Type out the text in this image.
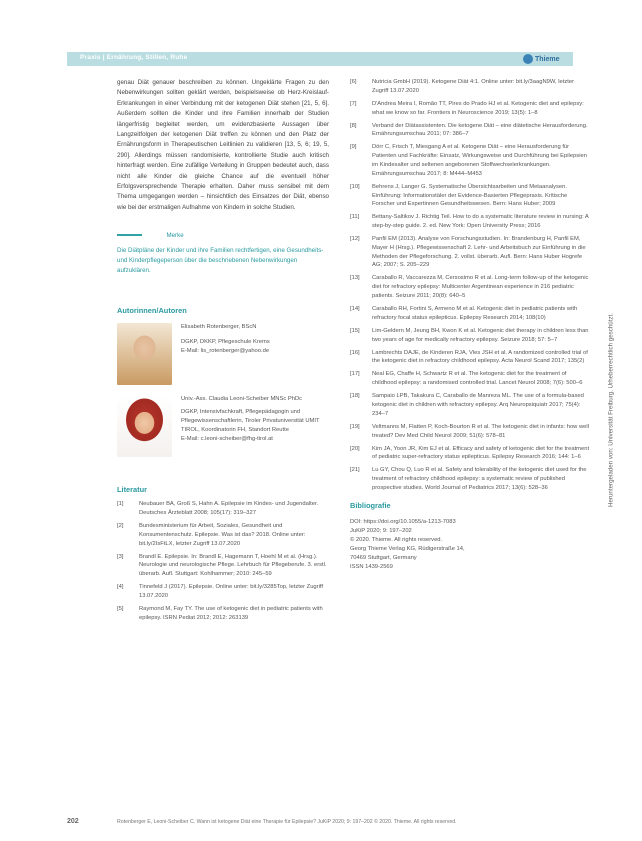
Praxis | Ernährung, Stillen, Ruhe	Thieme

genau Diät genauer beschreiben zu können. Ungeklärte Fragen zu den Nebenwirkungen sollten geklärt werden, beispielsweise ob Herz-Kreislauf-Erkrankungen in einer Verbindung mit der ketogenen Diät stehen [21, 5, 6]. Außerdem sollten die Kinder und ihre Familien innerhalb der Studien längerfristig begleitet werden, um evidenzbasierte Aussagen über Langzeitfolgen der ketogenen Diät treffen zu können und den Platz der Ernährungsform in Therapeutischen Leitlinien zu validieren [13, 5, 6; 19, 5, 290]. Allerdings müssen randomisierte, kontrollierte Studie auch kritisch hinterfragt werden. Eine zufällige Verteilung in Gruppen bedeutet auch, dass nicht alle Kinder die gleiche Chance auf die eventuell höher Erfolgsversprechende Therapie erhalten. Daher muss sensibel mit dem Thema umgegangen werden – hinsichtlich des Einsatzes der Diät, ebenso wie bei der erstmaligen Aufnahme von Kindern in solche Studien.

Merke

Die Diätpläne der Kinder und ihre Familien rechtfertigen, eine Gesundheits- und Kinderpflegeperson über die beschriebenen Nebenwirkungen aufzuklären.

Autorinnen/Autoren
Elisabeth Rotenberger, BScN
DGKP, DKKP, Pflegeschule Krems
E-Mail: lis_rotenberger@yahoo.de
Univ.-Ass. Claudia Leoni-Scheiber MNSc PhDc
DGKP, Intensivfachkraft, Pflegepädagogin und Pflegewissenschaftlerin, Tiroler Privatuniversität UMIT TIROL, Koordinatorin FH, Standort Reutte
E-Mail: c.leoni-scheiber@fhg-tirol.at
Literatur
[1]	Neubauer BA, Groß S, Hahn A. Epilepsie im Kindes- und Jugendalter. Deutsches Ärzteblatt 2008; 105(17): 319–327
[2]	Bundesministerium für Arbeit, Soziales, Gesundheit und Konsumentenschutz. Epilepsie. Was ist das? 2018. Online unter: bit.ly/2IsFtLX, letzter Zugriff 13.07.2020
[3]	Brandl E. Epilepsie. In: Brandl E, Hagemann T, Hoehl M et al. (Hrsg.). Neurologie und neurologische Pflege. Lehrbuch für Pflegeberufe. 3. erstl. überarb. Aufl. Stuttgart: Kohlhammer; 2010: 245–59
[4]	Tinnefeld J (2017). Epilepsie. Online unter: bit.ly/3285Top, letzter Zugriff 13.07.2020
[5]	Raymond M, Fay TY. The use of ketogenic diet in pediatric patients with epilepsy. ISRN Pediat 2012; 2012: 263139
[6]	Nutricia GmbH (2019). Ketogene Diät 4:1. Online unter: bit.ly/3aagN9W, letzter Zugriff 13.07.2020
[7]	D'Andrea Meira I, Romão TT, Pires do Prado HJ et al. Ketogenic diet and epilepsy: what we know so far. Frontiers in Neuroscience 2019; 13(5): 1–8
[8]	Verband der Diätassistenten. Die ketogene Diät – eine diätetische Herausforderung. Ernährungsumschau 2011; 07: 386–7
[9]	Dörr C, Frisch T, Miesgang A et al. Ketogene Diät – eine Herausforderung für Patienten und Fachkräfte: Einsatz, Wirkungsweise und Durchführung bei Epilepsien im Kindesalter und seltenen angeborenen Stoffwechselerkrankungen. Ernährungsumschau 2017; 8: M444–M453
[10]	Behrens J, Langer G. Systematische Übersichtsarbeiten und Metaanalysen. Einführung: Informationstäler der Evidence-Basierten Pflegepraxis. Kritische Forscher und Expertinnen Gesundheitswesen. Bern: Hans Huber; 2009
[11]	Bettany-Saltikov J. Richtig Teil. How to do a systematic literature review in nursing: A step-by-step guide. 2. ed. New York: Open University Press; 2016
[12]	Panfil EM (2013). Analyse von Forschungsstudien. In: Brandenburg H, Panfil EM, Mayer H (Hrsg.). Pflegewissenschaft 2. Lehr- und Arbeitsbuch zur Einführung in die Methoden der Pflegeforschung. 2. vollst. überarb. Aufl. Bern: Hans Huber Hogrefe AG; 2007; S. 205–229
[13]	Caraballo R, Vaccarezza M, Cersosimo R et al. Long-term follow-up of the ketogenic diet for refractory epilepsy: Multicenter Argentinean experience in 216 pediatric patients. Seizure 2011; 20(8): 640–5
[14]	Caraballo RH, Fortini S, Armeno M et al. Ketogenic diet in pediatric patients with refractory focal status epilepticus. Epilepsy Research 2014; 108(10)
[15]	Lim-Geldern M, Jeung BH, Kwon K et al. Ketogenic diet therapy in children less than two years of age for medically refractory epilepsy. Seizure 2018; 57: 5–7
[16]	Lambrechts DAJE, de Kinderen RJA, Vles JSH et al. A randomized controlled trial of the ketogenic diet in refractory childhood epilepsy. Acta Neurol Scand 2017; 135(2)
[17]	Neal EG, Chaffe H, Schwartz R et al. The ketogenic diet for the treatment of childhood epilepsy: a randomised controlled trial. Lancet Neurol 2008; 7(6): 500–6
[18]	Sampaio LPB, Takakura C, Caraballo de Manreza ML. The use of a formula-based ketogenic diet in children with refractory epilepsy. Arq Neuropsiquiatr 2017; 75(4): 234–7
[19]	Veltmanns M, Flatten P, Koch-Bourton R et al. The ketogenic diet in infants: how well treated? Dev Med Child Neurol 2009; 51(6): 578–81
[20]	Kim JA, Yoon JR, Kim EJ et al. Efficacy and safety of ketogenic diet for the treatment of pediatric super-refractory status epilepticus. Epilepsy Research 2016; 144: 1–6
[21]	Lu GY, Chou Q, Luo R et al. Safety and tolerability of the ketogenic diet used for the treatment of refractory childhood epilepsy: a systematic review of published prospective studies. World Journal of Pediatrics 2017; 13(6): 528–36
Bibliografie
DOI: https://doi.org/10.1055/a-1213-7083
JuKiP 2020; 9: 197–202
© 2020. Thieme. All rights reserved.
Georg Thieme Verlag KG, Rüdigerstraße 14,
70469 Stuttgart, Germany
ISSN 1439-2569
Heruntergeladen von: Universität Freiburg. Urheberrechtlich geschützt.
202	Rotenberger E, Leoni-Scheiber C. Wann ist ketogene Diät eine Therapie für Epilepsie? JuKiP 2020; 9: 197–202 © 2020. Thieme. All rights reserved.
